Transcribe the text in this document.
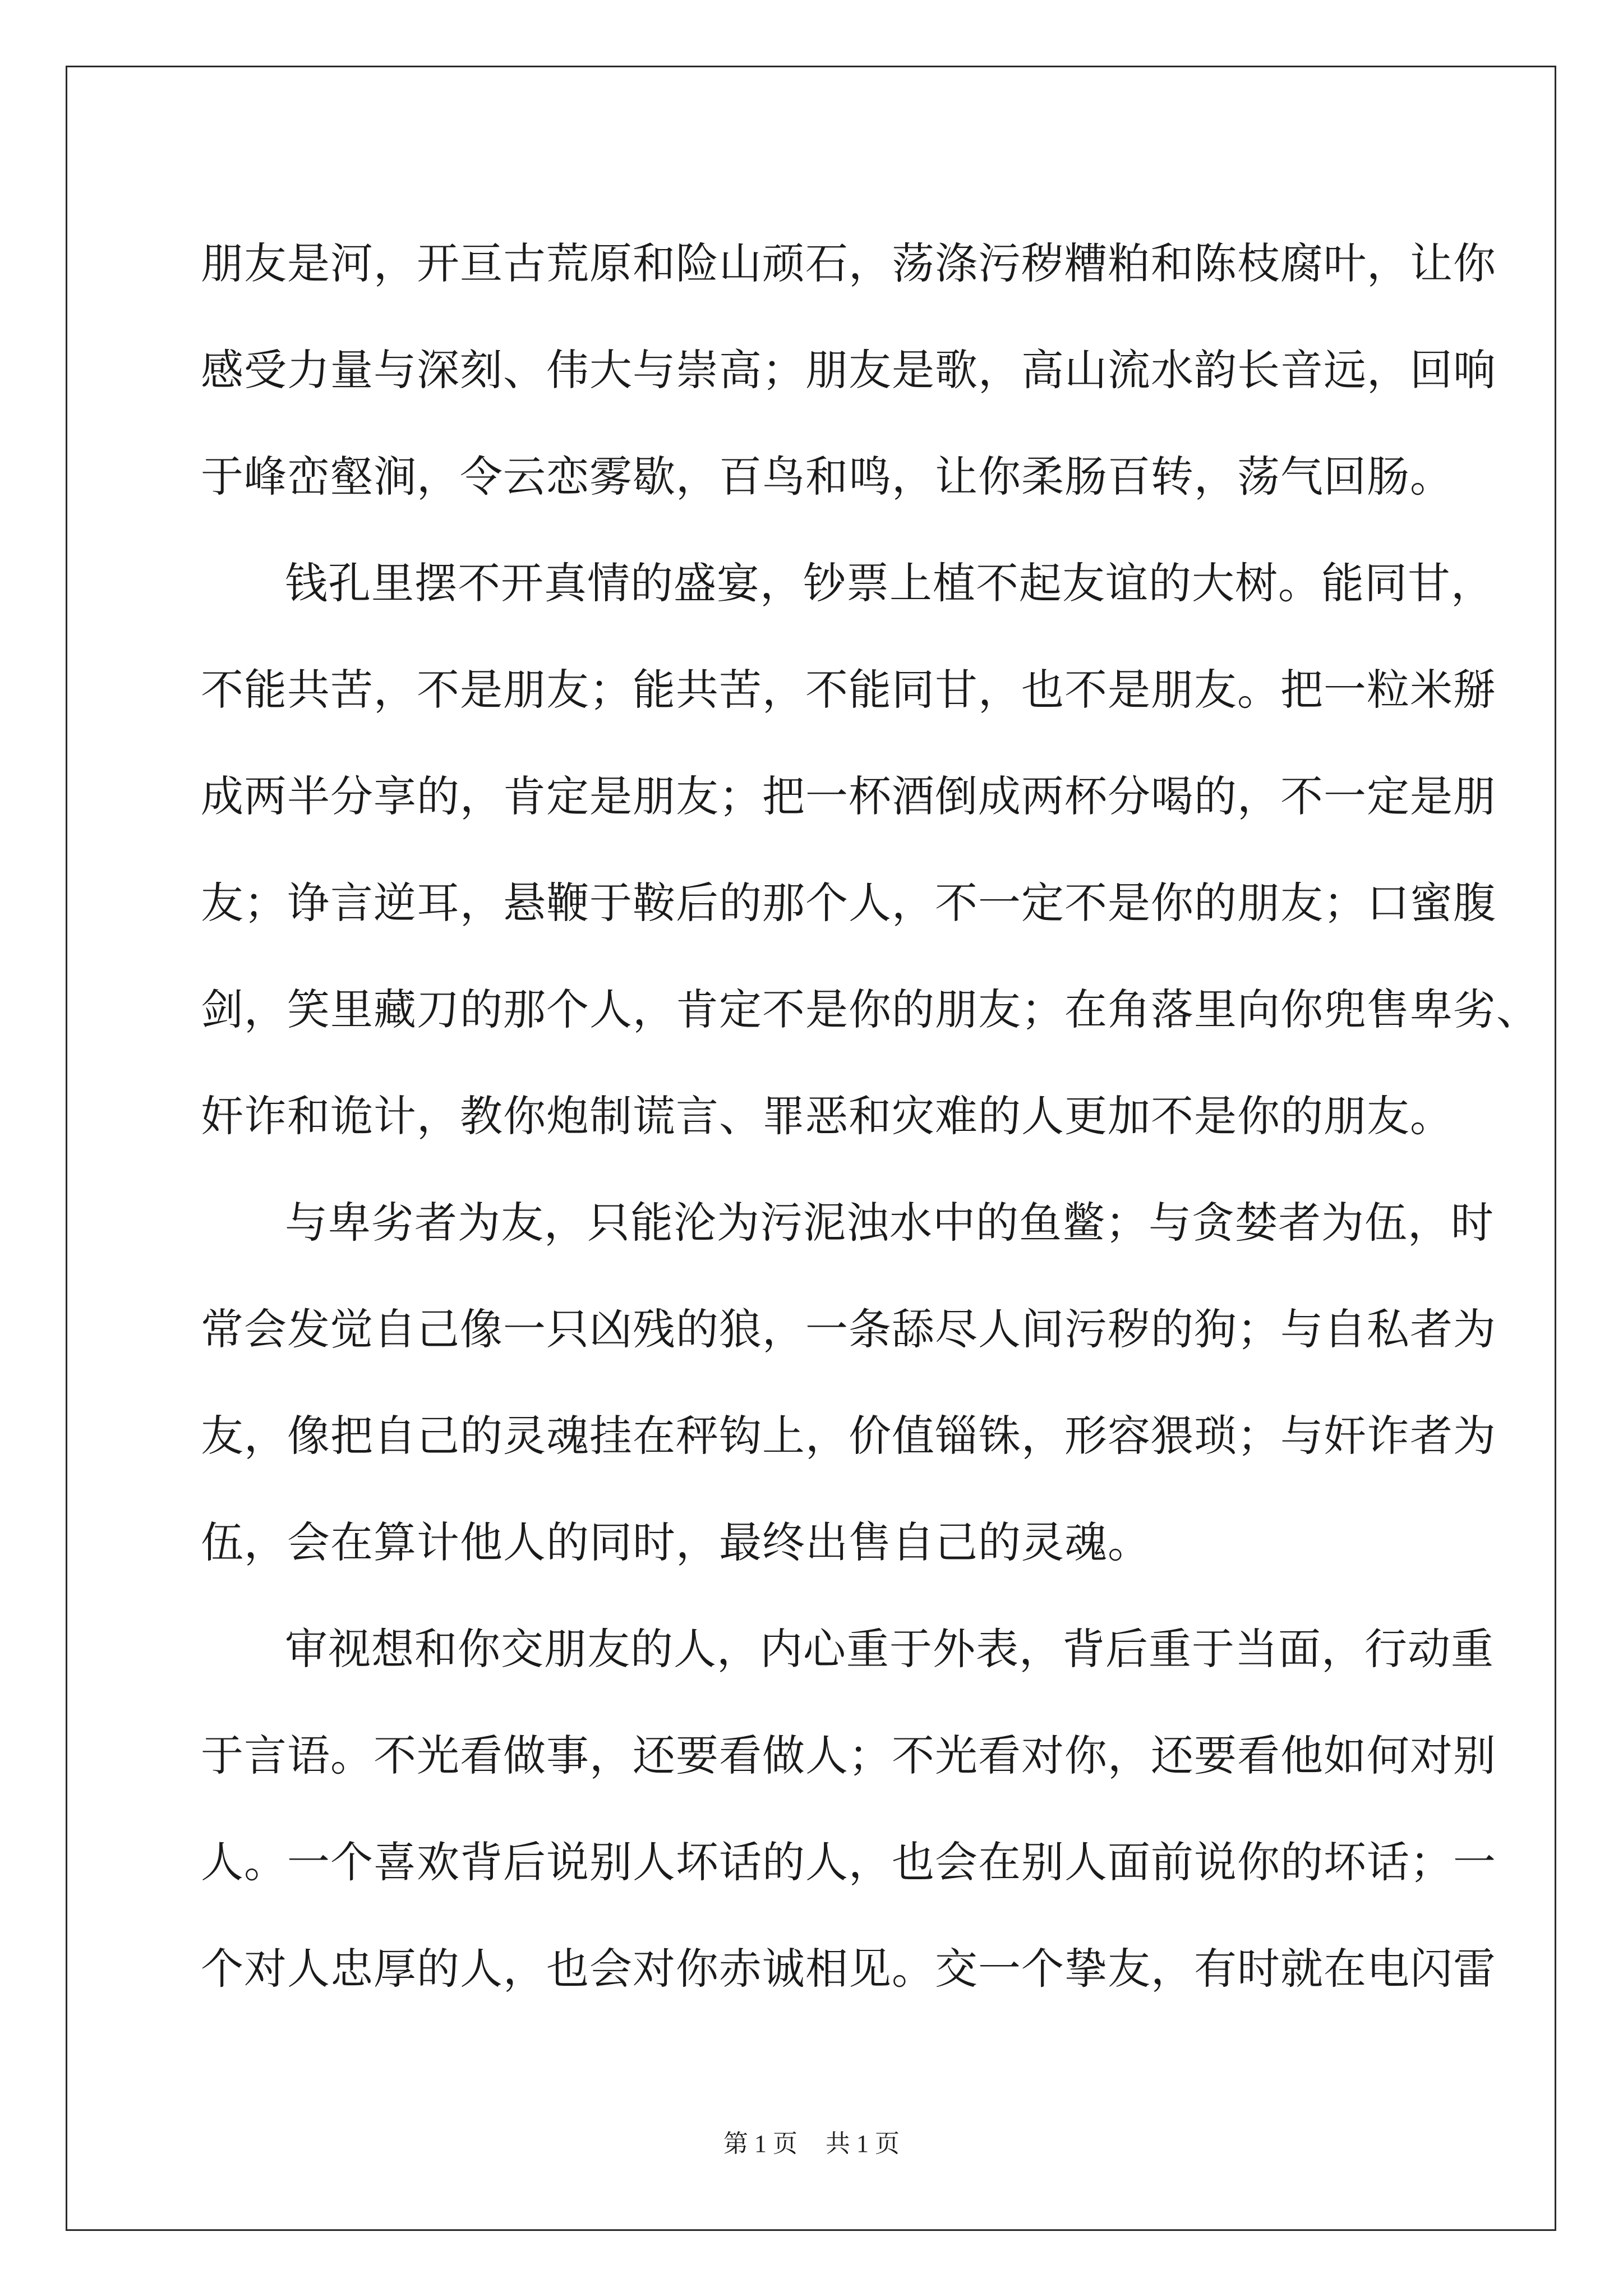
朋友是河，开亘古荒原和险山顽石，荡涤污秽糟粕和陈枝腐叶，让你
感受力量与深刻、伟大与崇高；朋友是歌，高山流水韵长音远，回响
于峰峦壑涧，令云恋雾歇，百鸟和鸣，让你柔肠百转，荡气回肠。
钱孔里摆不开真情的盛宴，钞票上植不起友谊的大树。能同甘，
不能共苦，不是朋友；能共苦，不能同甘，也不是朋友。把一粒米掰
成两半分享的，肯定是朋友；把一杯酒倒成两杯分喝的，不一定是朋
友；诤言逆耳，悬鞭于鞍后的那个人，不一定不是你的朋友；口蜜腹
剑，笑里藏刀的那个人，肯定不是你的朋友；在角落里向你兜售卑劣、
奸诈和诡计，教你炮制谎言、罪恶和灾难的人更加不是你的朋友。
与卑劣者为友，只能沦为污泥浊水中的鱼鳖；与贪婪者为伍，时
常会发觉自己像一只凶残的狼，一条舔尽人间污秽的狗；与自私者为
友，像把自己的灵魂挂在秤钩上，价值锱铢，形容猥琐；与奸诈者为
伍，会在算计他人的同时，最终出售自己的灵魂。
审视想和你交朋友的人，内心重于外表，背后重于当面，行动重
于言语。不光看做事，还要看做人；不光看对你，还要看他如何对别
人。一个喜欢背后说别人坏话的人，也会在别人面前说你的坏话；一
个对人忠厚的人，也会对你赤诚相见。交一个挚友，有时就在电闪雷
第 1 页 共 1 页
